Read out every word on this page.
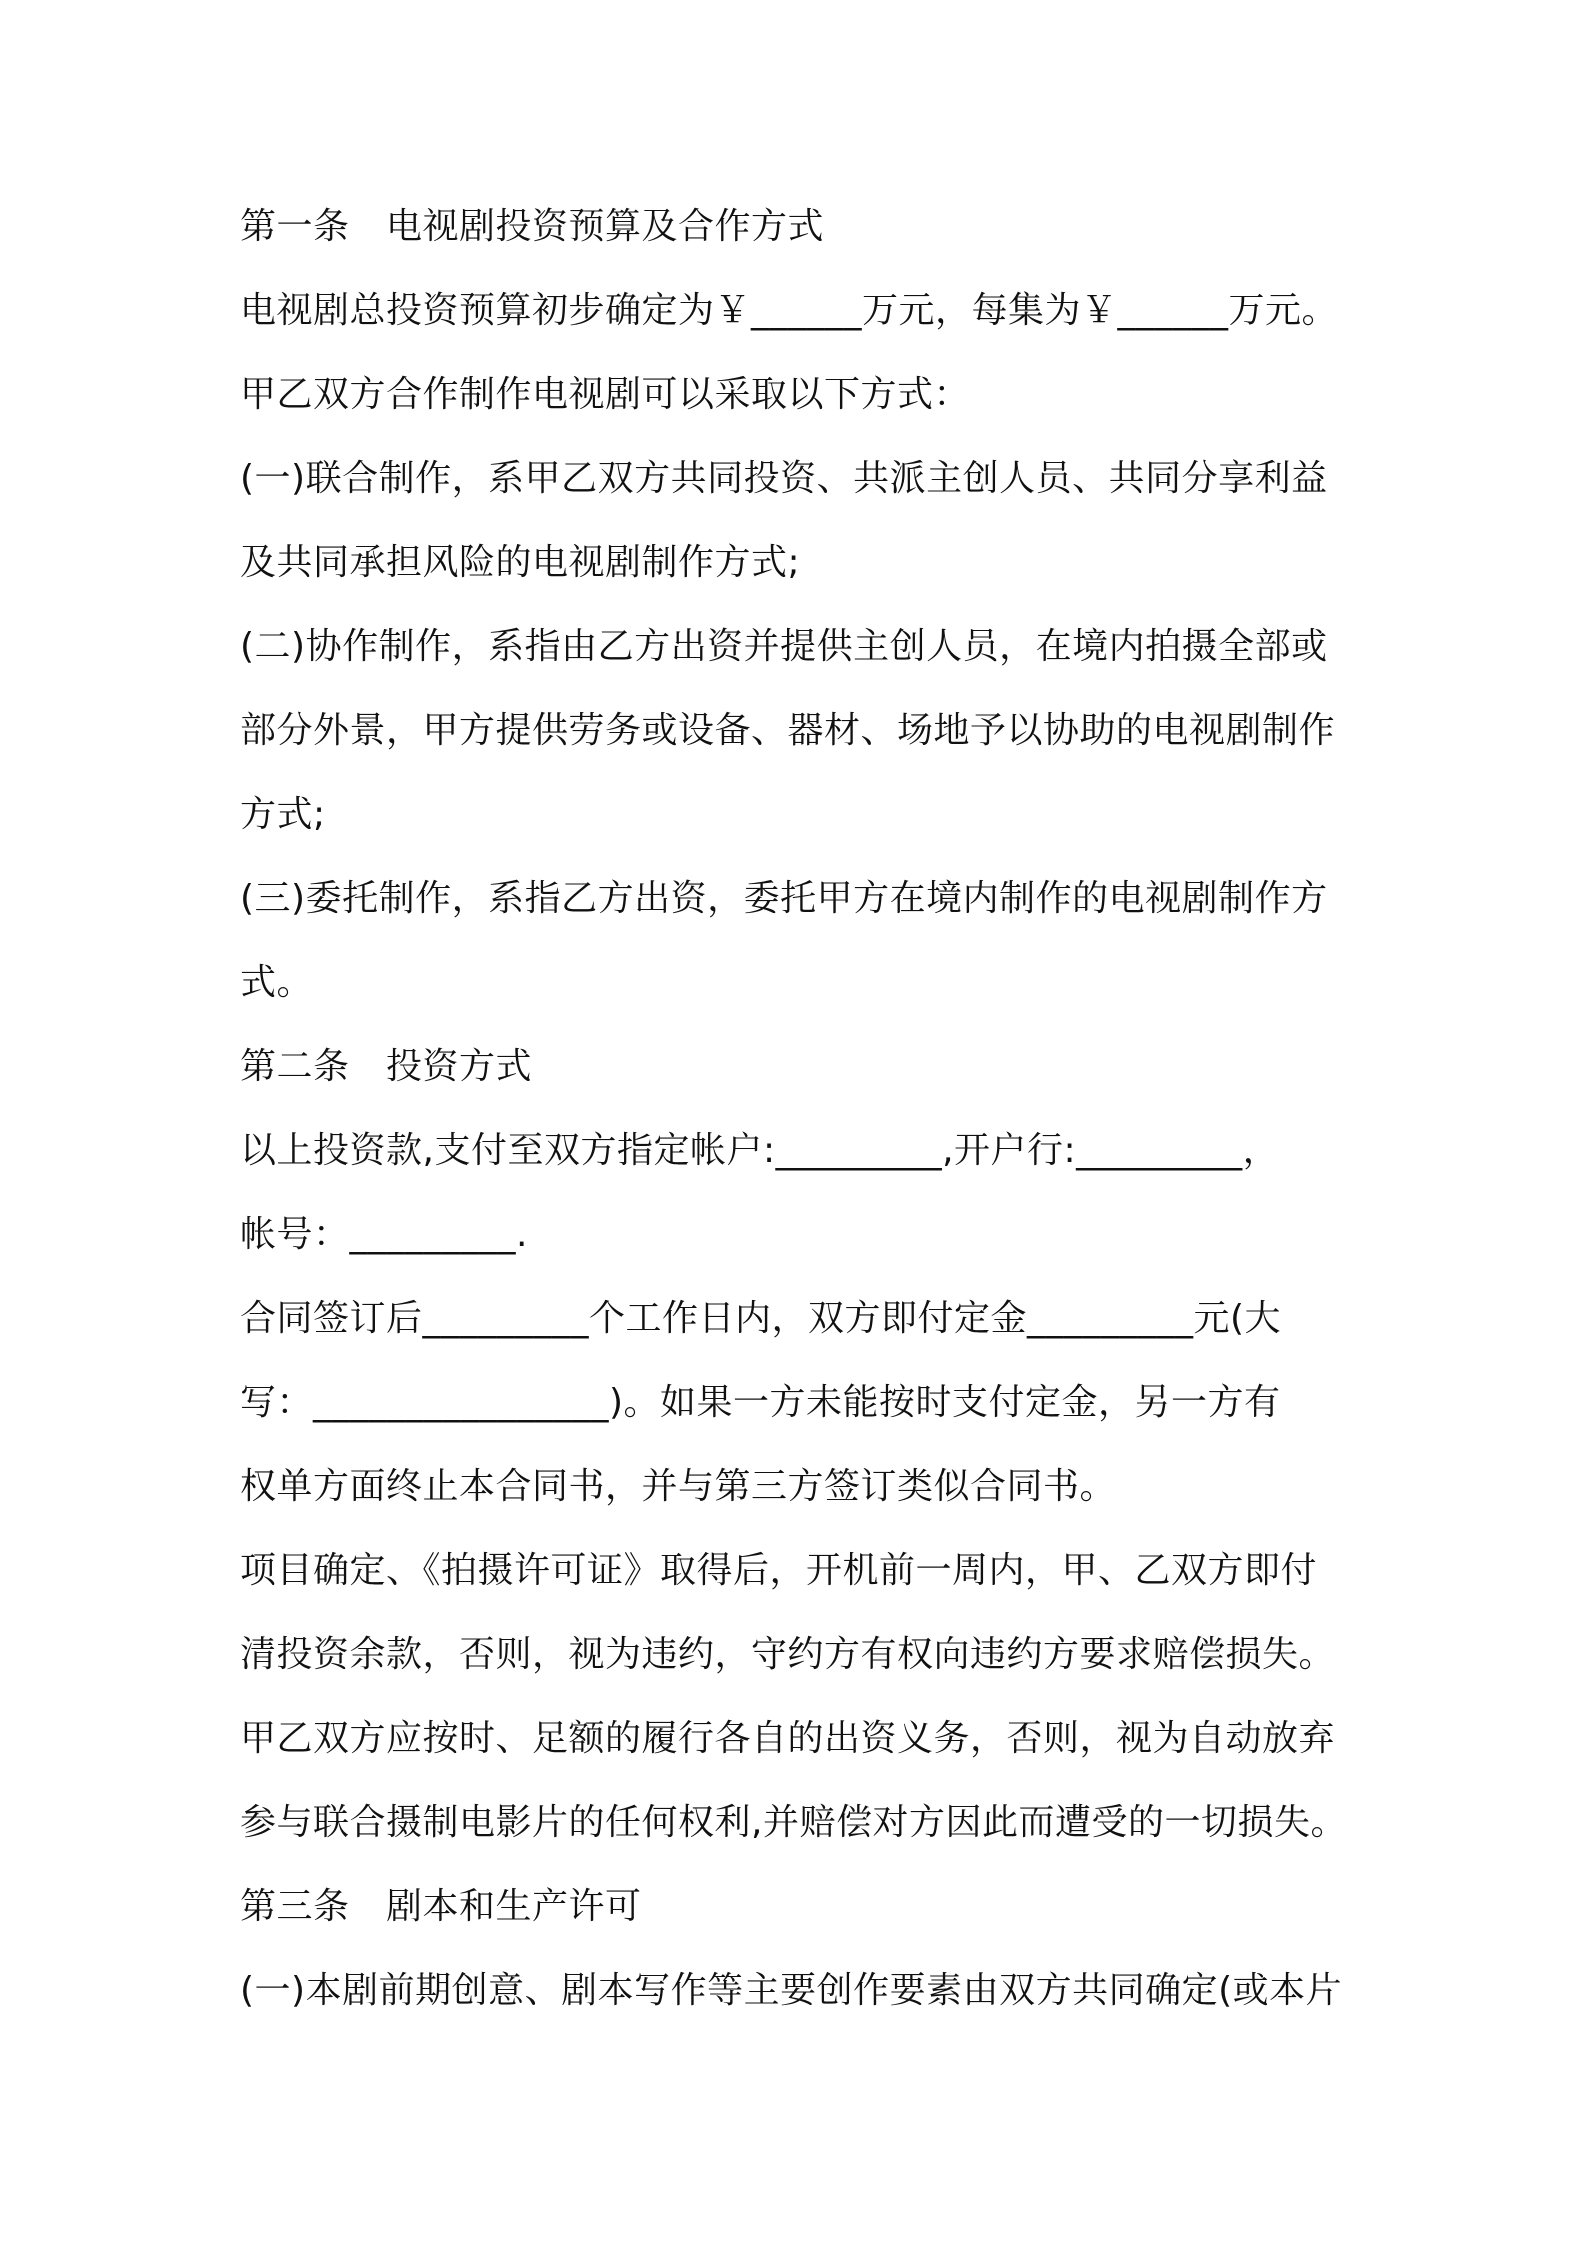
第一条　电视剧投资预算及合作方式
电视剧总投资预算初步确定为￥______万元，每集为￥______万元。
甲乙双方合作制作电视剧可以采取以下方式：
(一)联合制作，系甲乙双方共同投资、共派主创人员、共同分享利益
及共同承担风险的电视剧制作方式;
(二)协作制作，系指由乙方出资并提供主创人员，在境内拍摄全部或
部分外景，甲方提供劳务或设备、器材、场地予以协助的电视剧制作
方式;
(三)委托制作，系指乙方出资，委托甲方在境内制作的电视剧制作方
式。
第二条　投资方式
以上投资款,支付至双方指定帐户:_________,开户行:_________，
帐号：_________.
合同签订后_________个工作日内，双方即付定金_________元(大
写：________________)。如果一方未能按时支付定金，另一方有
权单方面终止本合同书，并与第三方签订类似合同书。
项目确定、《拍摄许可证》取得后，开机前一周内，甲、乙双方即付
清投资余款，否则，视为违约，守约方有权向违约方要求赔偿损失。
甲乙双方应按时、足额的履行各自的出资义务，否则，视为自动放弃
参与联合摄制电影片的任何权利,并赔偿对方因此而遭受的一切损失。
第三条　剧本和生产许可
(一)本剧前期创意、剧本写作等主要创作要素由双方共同确定(或本片
